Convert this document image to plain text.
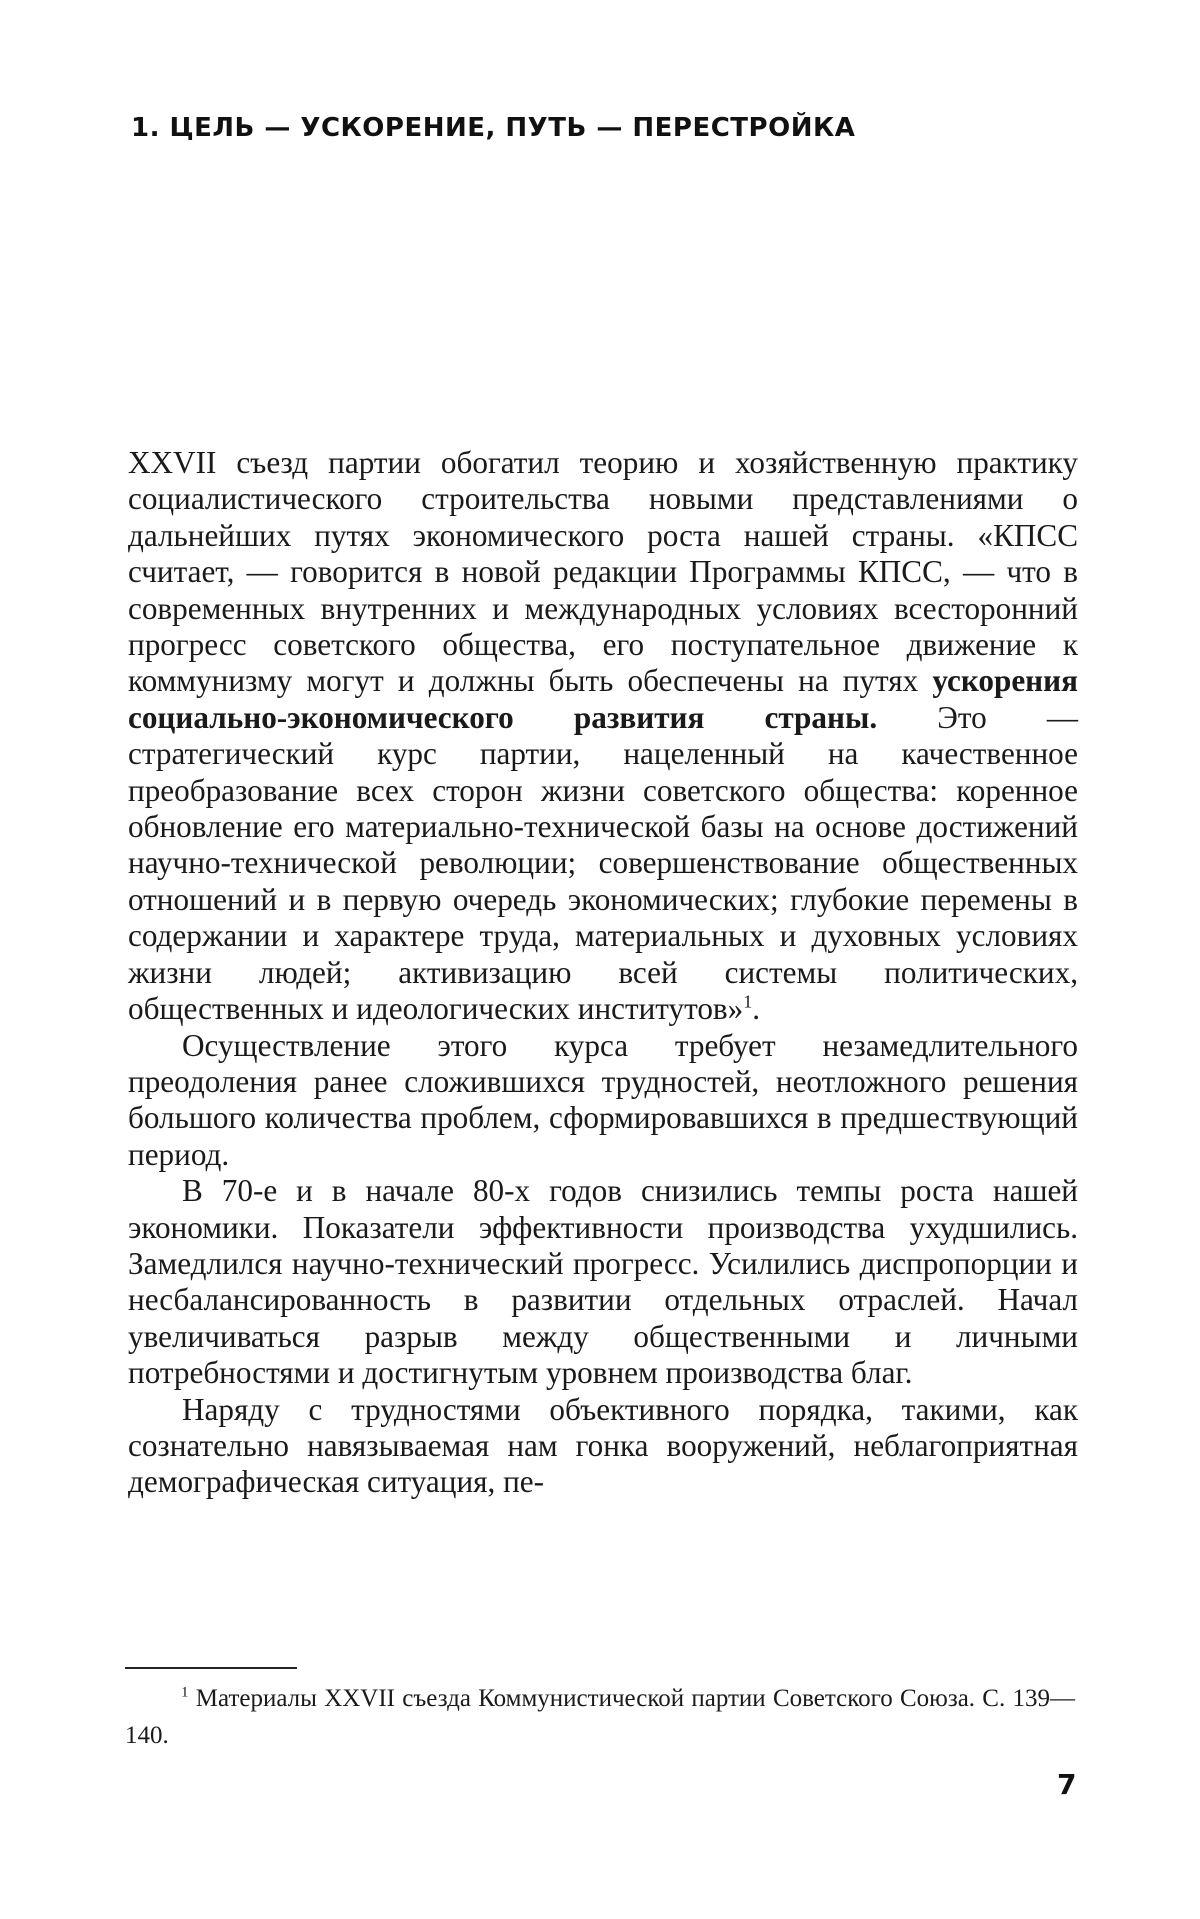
1. ЦЕЛЬ — УСКОРЕНИЕ, ПУТЬ — ПЕРЕСТРОЙКА

XXVII съезд партии обогатил теорию и хозяйственную практику социалистического строительства новыми представлениями о дальнейших путях экономического роста нашей страны. «КПСС считает, — говорится в новой редакции Программы КПСС, — что в современных внутренних и международных условиях всесторонний прогресс советского общества, его поступательное движение к коммунизму могут и должны быть обеспечены на путях ускорения социально-экономического развития страны. Это — стратегический курс партии, нацеленный на качественное преобразование всех сторон жизни советского общества: коренное обновление его материально-технической базы на основе достижений научно-технической революции; совершенствование общественных отношений и в первую очередь экономических; глубокие перемены в содержании и характере труда, материальных и духовных условиях жизни людей; активизацию всей системы политических, общественных и идеологических институтов»$^1$.

Осуществление этого курса требует незамедлительного преодоления ранее сложившихся трудностей, неотложного решения большого количества проблем, сформировавшихся в предшествующий период.

В 70-е и в начале 80-х годов снизились темпы роста нашей экономики. Показатели эффективности производства ухудшились. Замедлился научно-технический прогресс. Усилились диспропорции и несбалансированность в развитии отдельных отраслей. Начал увеличиваться разрыв между общественными и личными потребностями и достигнутым уровнем производства благ.

Наряду с трудностями объективного порядка, такими, как сознательно навязываемая нам гонка вооружений, неблагоприятная демографическая ситуация, пе-

$^1$ Материалы XXVII съезда Коммунистической партии Советского Союза. С. 139—140.
7
